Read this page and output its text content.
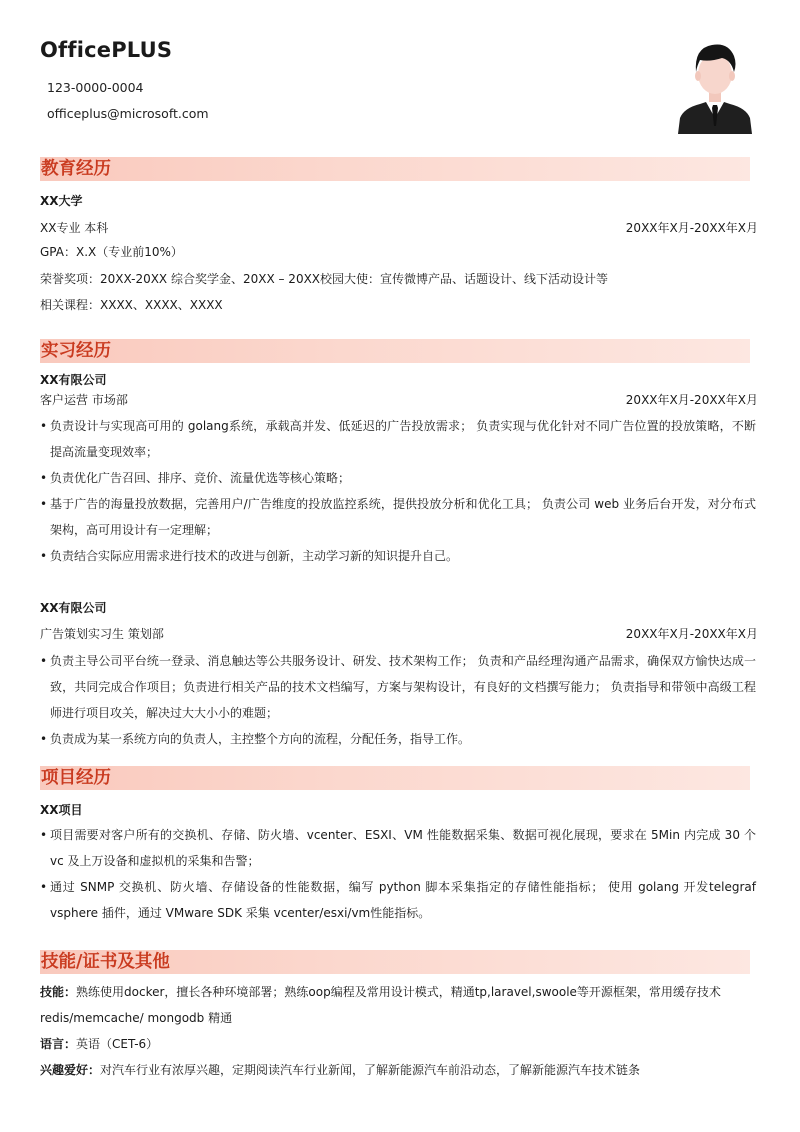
OfficePLUS
123-0000-0004
officeplus@microsoft.com
教育经历
XX大学
XX专业 本科	20XX年X月-20XX年X月
GPA：X.X（专业前10%）
荣誉奖项：20XX-20XX 综合奖学金、20XX – 20XX校园大使：宣传微博产品、话题设计、线下活动设计等
相关课程：XXXX、XXXX、XXXX
实习经历
XX有限公司
客户运营 市场部	20XX年X月-20XX年X月
• 负责设计与实现高可用的 golang系统，承载高并发、低延迟的广告投放需求； 负责实现与优化针对不同广告位置的投放策略，不断提高流量变现效率；
• 负责优化广告召回、排序、竞价、流量优选等核心策略；
• 基于广告的海量投放数据，完善用户/广告维度的投放监控系统，提供投放分析和优化工具； 负责公司 web 业务后台开发，对分布式架构，高可用设计有一定理解；
• 负责结合实际应用需求进行技术的改进与创新，主动学习新的知识提升自己。
XX有限公司
广告策划实习生 策划部	20XX年X月-20XX年X月
• 负责主导公司平台统一登录、消息触达等公共服务设计、研发、技术架构工作； 负责和产品经理沟通产品需求，确保双方愉快达成一致，共同完成合作项目；负责进行相关产品的技术文档编写，方案与架构设计，有良好的文档撰写能力； 负责指导和带领中高级工程师进行项目攻关，解决过大大小小的难题；
• 负责成为某一系统方向的负责人，主控整个方向的流程，分配任务，指导工作。
项目经历
XX项目
• 项目需要对客户所有的交换机、存储、防火墙、vcenter、ESXI、VM 性能数据采集、数据可视化展现，要求在 5Min 内完成 30 个 vc 及上万设备和虚拟机的采集和告警；
• 通过 SNMP 交换机、防火墙、存储设备的性能数据，编写 python 脚本采集指定的存储性能指标； 使用 golang 开发telegraf vsphere 插件，通过 VMware SDK 采集 vcenter/esxi/vm性能指标。
技能/证书及其他
技能：熟练使用docker，擅长各种环境部署；熟练oop编程及常用设计模式，精通tp,laravel,swoole等开源框架，常用缓存技术redis/memcache/ mongodb 精通
语言：英语（CET-6）
兴趣爱好：对汽车行业有浓厚兴趣，定期阅读汽车行业新闻，了解新能源汽车前沿动态，了解新能源汽车技术链条
